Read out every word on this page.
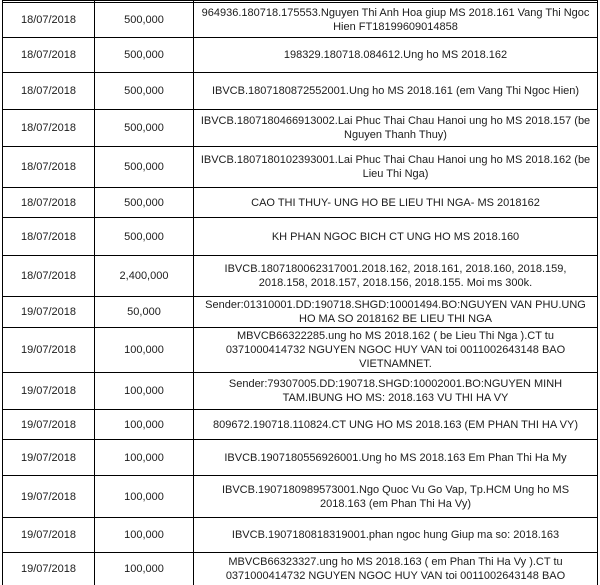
18/07/2018	500,000	964936.180718.175553.Nguyen Thi Anh Hoa giup MS 2018.161 Vang Thi Ngoc Hien FT18199609014858
18/07/2018	500,000	198329.180718.084612.Ung ho MS 2018.162
18/07/2018	500,000	IBVCB.1807180872552001.Ung ho MS 2018.161 (em Vang Thi Ngoc Hien)
18/07/2018	500,000	IBVCB.1807180466913002.Lai Phuc Thai Chau Hanoi ung ho MS 2018.157 (be Nguyen Thanh Thuy)
18/07/2018	500,000	IBVCB.1807180102393001.Lai Phuc Thai Chau Hanoi ung ho MS 2018.162 (be Lieu Thi Nga)
18/07/2018	500,000	CAO THI THUY- UNG HO BE LIEU THI NGA- MS 2018162
18/07/2018	500,000	KH PHAN NGOC BICH CT UNG HO MS 2018.160
18/07/2018	2,400,000	IBVCB.1807180062317001.2018.162, 2018.161, 2018.160, 2018.159, 2018.158, 2018.157, 2018.156, 2018.155. Moi ms 300k.
19/07/2018	50,000	Sender:01310001.DD:190718.SHGD:10001494.BO:NGUYEN VAN PHU.UNG HO MA SO 2018162 BE LIEU THI NGA
19/07/2018	100,000	MBVCB66322285.ung ho MS 2018.162 ( be Lieu Thi Nga ).CT tu 0371000414732 NGUYEN NGOC HUY VAN toi 0011002643148 BAO VIETNAMNET.
19/07/2018	100,000	Sender:79307005.DD:190718.SHGD:10002001.BO:NGUYEN MINH TAM.IBUNG HO MS: 2018.163 VU THI HA VY
19/07/2018	100,000	809672.190718.110824.CT UNG HO MS 2018.163 (EM PHAN THI HA VY)
19/07/2018	100,000	IBVCB.1907180556926001.Ung ho MS 2018.163 Em Phan Thi Ha My
19/07/2018	100,000	IBVCB.1907180989573001.Ngo Quoc Vu Go Vap, Tp.HCM Ung ho MS 2018.163 (em Phan Thi Ha Vy)
19/07/2018	100,000	IBVCB.1907180818319001.phan ngoc hung Giup ma so: 2018.163
19/07/2018	100,000	MBVCB66323327.ung ho MS 2018.163 ( em Phan Thi Ha Vy ).CT tu 0371000414732 NGUYEN NGOC HUY VAN toi 0011002643148 BAO
